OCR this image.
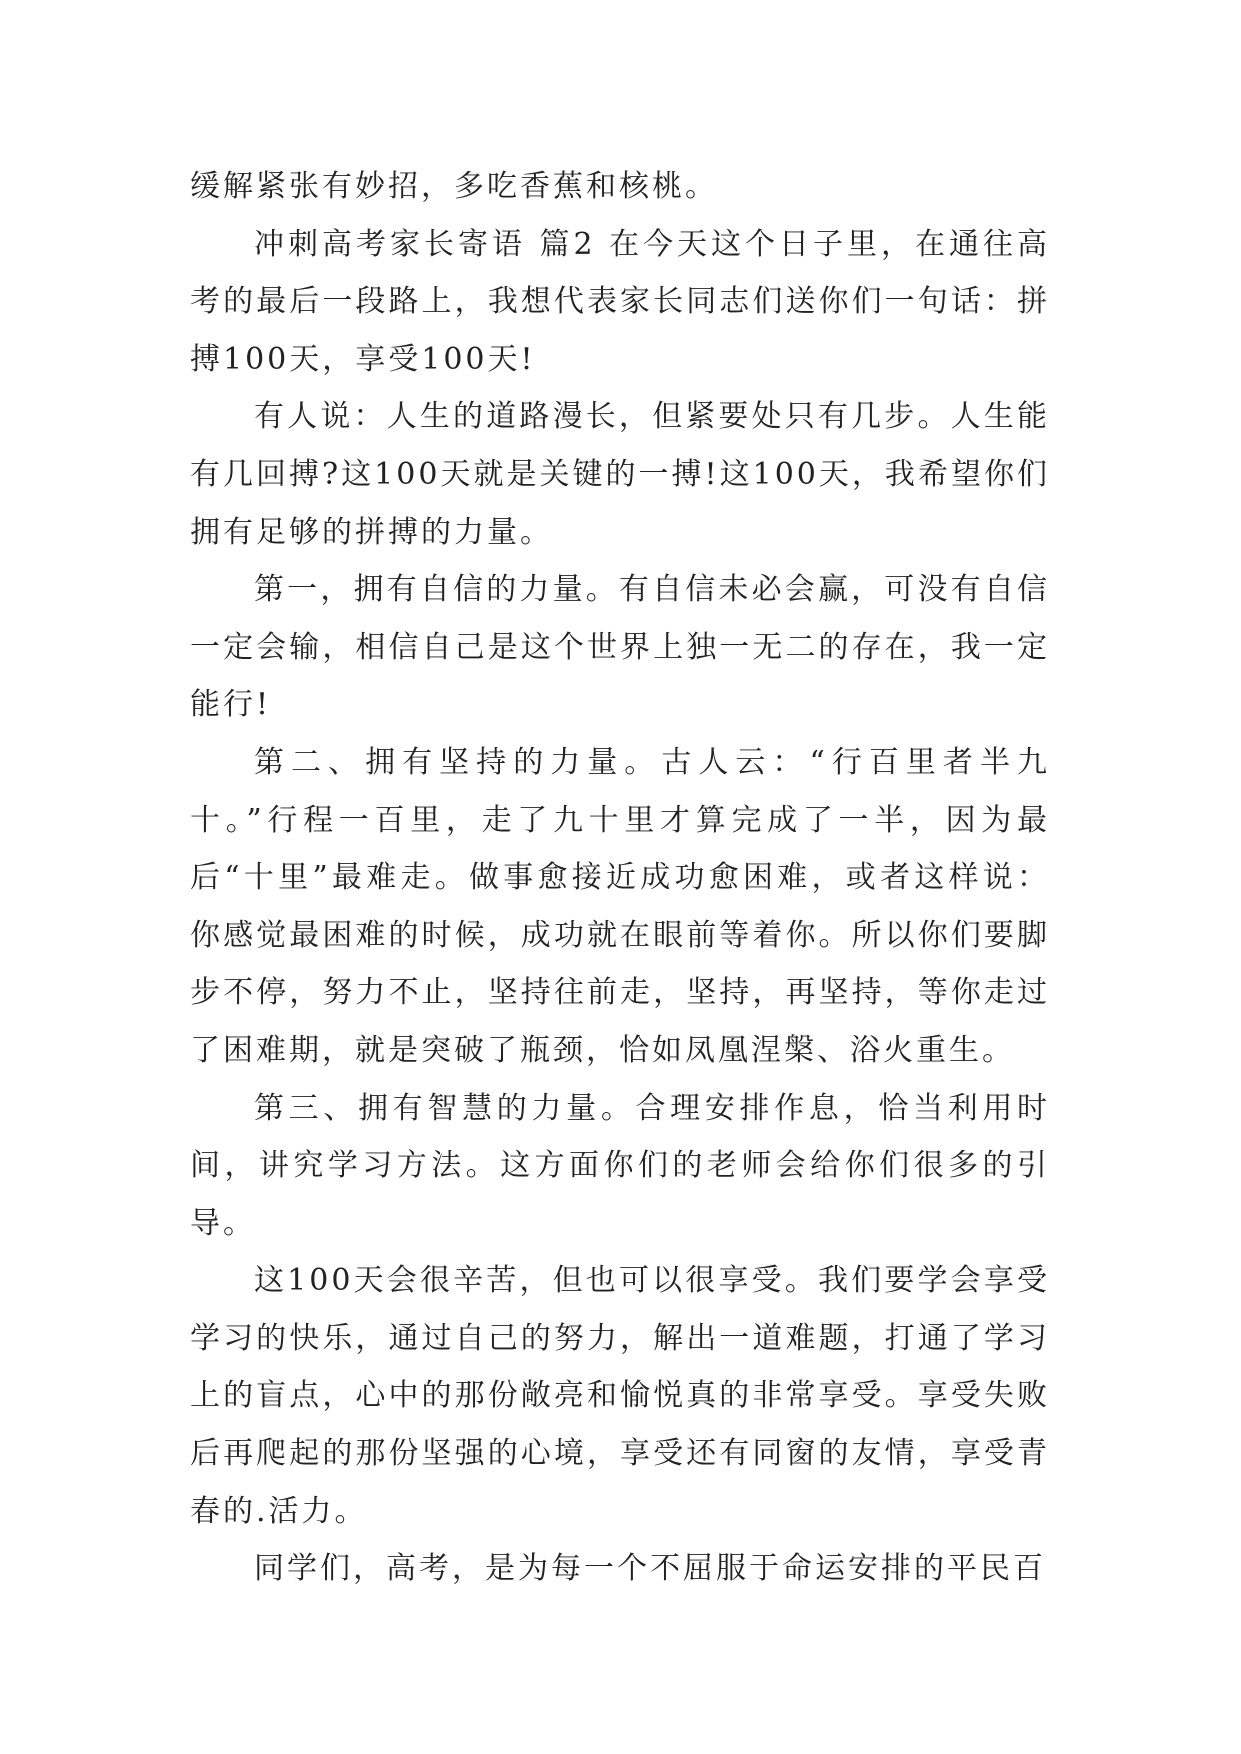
缓解紧张有妙招，多吃香蕉和核桃。

冲刺高考家长寄语 篇2 在今天这个日子里，在通往高考的最后一段路上，我想代表家长同志们送你们一句话：拼搏100天，享受100天!

有人说：人生的道路漫长，但紧要处只有几步。人生能有几回搏?这100天就是关键的一搏!这100天，我希望你们拥有足够的拼搏的力量。

第一，拥有自信的力量。有自信未必会赢，可没有自信一定会输，相信自己是这个世界上独一无二的存在，我一定能行!

第二、拥有坚持的力量。古人云：“行百里者半九十。”行程一百里，走了九十里才算完成了一半，因为最后“十里”最难走。做事愈接近成功愈困难，或者这样说：你感觉最困难的时候，成功就在眼前等着你。所以你们要脚步不停，努力不止，坚持往前走，坚持，再坚持，等你走过了困难期，就是突破了瓶颈，恰如凤凰涅槃、浴火重生。

第三、拥有智慧的力量。合理安排作息，恰当利用时间，讲究学习方法。这方面你们的老师会给你们很多的引导。

这100天会很辛苦，但也可以很享受。我们要学会享受学习的快乐，通过自己的努力，解出一道难题，打通了学习上的盲点，心中的那份敞亮和愉悦真的非常享受。享受失败后再爬起的那份坚强的心境，享受还有同窗的友情，享受青春的.活力。

同学们，高考，是为每一个不屈服于命运安排的平民百
